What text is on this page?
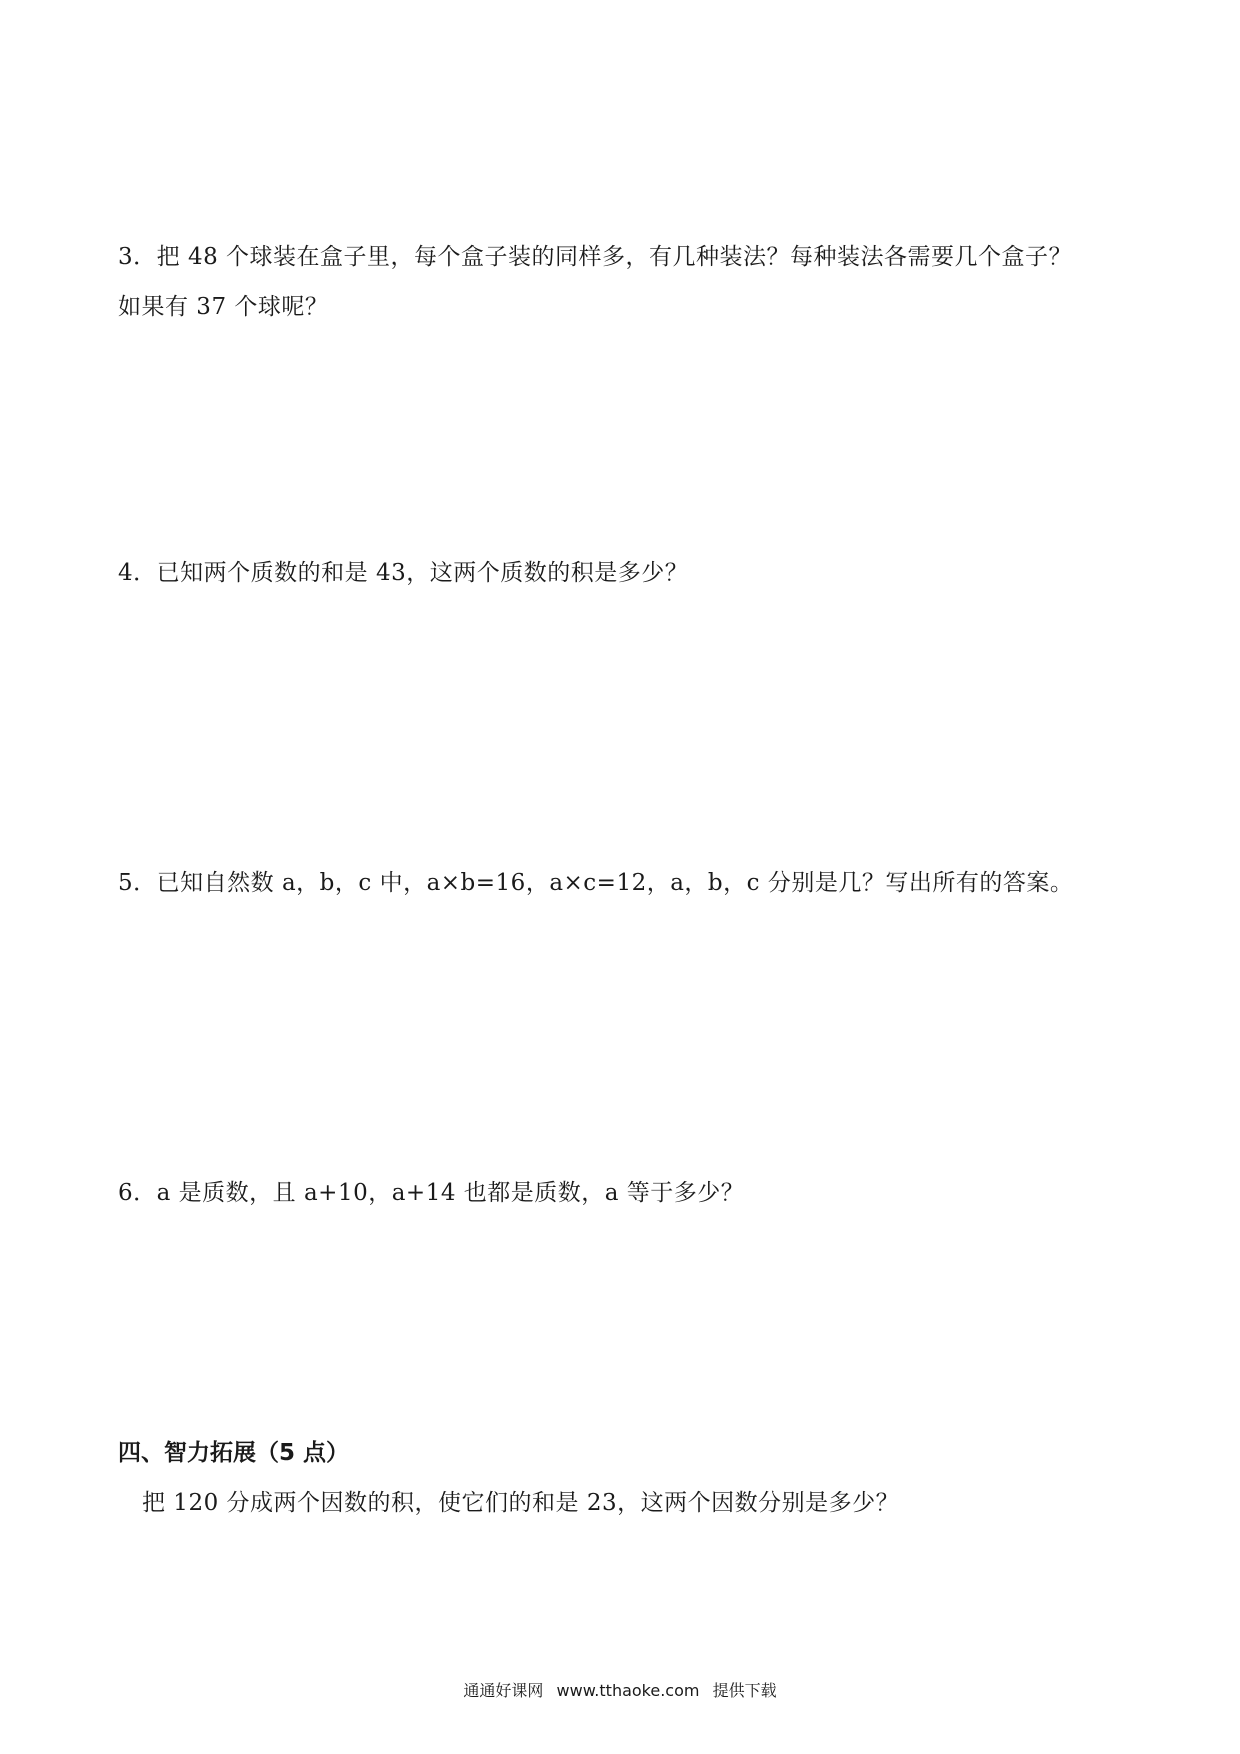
3．把 48 个球装在盒子里，每个盒子装的同样多，有几种装法？每种装法各需要几个盒子？
如果有 37 个球呢？
4．已知两个质数的和是 43，这两个质数的积是多少？
5．已知自然数 a，b，c 中，a×b=16，a×c=12，a，b，c 分别是几？写出所有的答案。
6．a 是质数，且 a+10，a+14 也都是质数，a 等于多少？
四、智力拓展（5 点）
把 120 分成两个因数的积，使它们的和是 23，这两个因数分别是多少？
通通好课网 www.tthaoke.com 提供下载
